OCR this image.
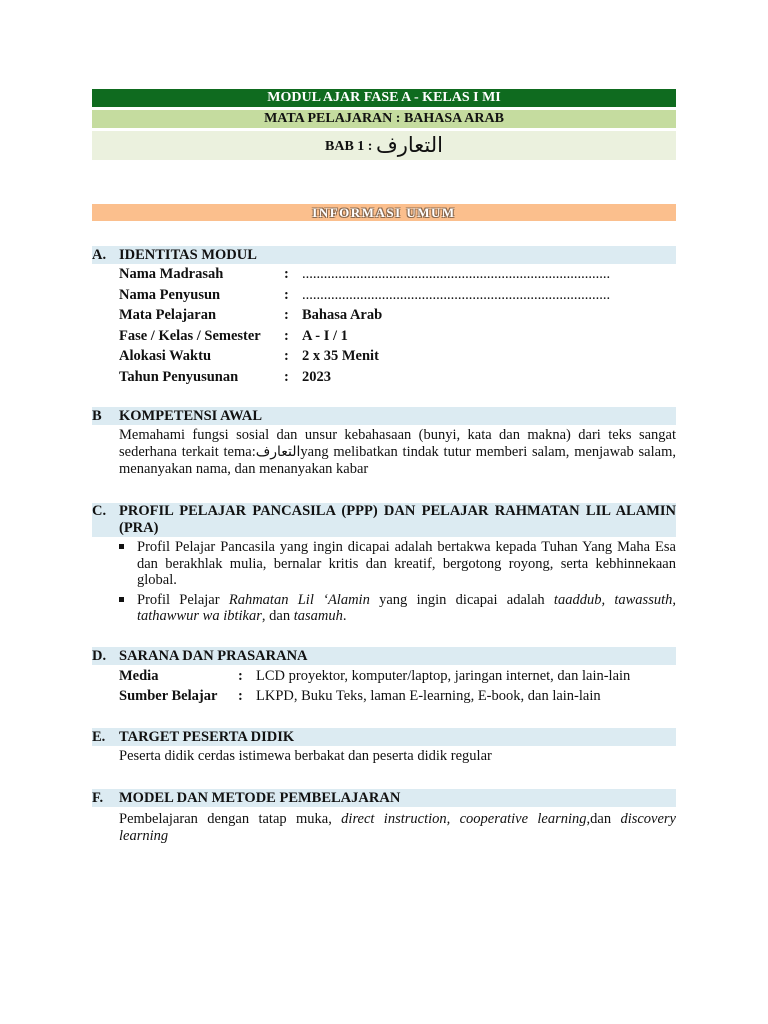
MODUL AJAR FASE A - KELAS I MI
MATA PELAJARAN : BAHASA ARAB
BAB 1 : التعارف
INFORMASI UMUM
A. IDENTITAS MODUL
Nama Madrasah	: .....................................................................................
Nama Penyusun	: .....................................................................................
Mata Pelajaran	: Bahasa Arab
Fase / Kelas / Semester	: A - I / 1
Alokasi Waktu	: 2 x 35 Menit
Tahun Penyusunan	: 2023
B	KOMPETENSI AWAL
Memahami fungsi sosial dan unsur kebahasaan (bunyi, kata dan makna) dari teks sangat sederhana terkait tema:التعارفyang melibatkan tindak tutur memberi salam, menjawab salam, menanyakan nama, dan menanyakan kabar
C. PROFIL PELAJAR PANCASILA (PPP) DAN PELAJAR RAHMATAN LIL ALAMIN (PRA)
Profil Pelajar Pancasila yang ingin dicapai adalah bertakwa kepada Tuhan Yang Maha Esa dan berakhlak mulia, bernalar kritis dan kreatif, bergotong royong, serta kebhinnekaan global.
Profil Pelajar Rahmatan Lil ‘Alamin yang ingin dicapai adalah taaddub, tawassuth, tathawwur wa ibtikar, dan tasamuh.
D. SARANA DAN PRASARANA
Media	: LCD proyektor, komputer/laptop, jaringan internet, dan lain-lain
Sumber Belajar	: LKPD, Buku Teks, laman E-learning, E-book, dan lain-lain
E. TARGET PESERTA DIDIK
Peserta didik cerdas istimewa berbakat dan peserta didik regular
F.	MODEL DAN METODE PEMBELAJARAN
Pembelajaran dengan tatap muka, direct instruction, cooperative learning,dan discovery learning
